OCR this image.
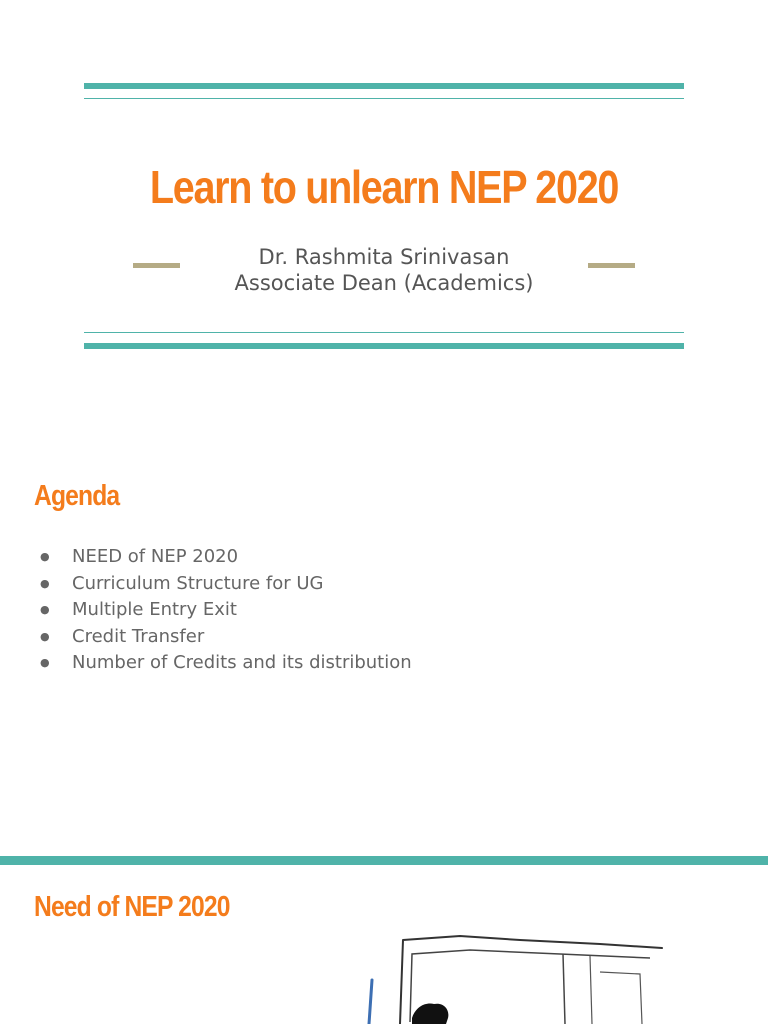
Learn to unlearn NEP 2020
Dr. Rashmita Srinivasan
Associate Dean (Academics)
Agenda
● NEED of NEP 2020
● Curriculum Structure for UG
● Multiple Entry Exit
● Credit Transfer
● Number of Credits and its distribution
Need of NEP 2020
